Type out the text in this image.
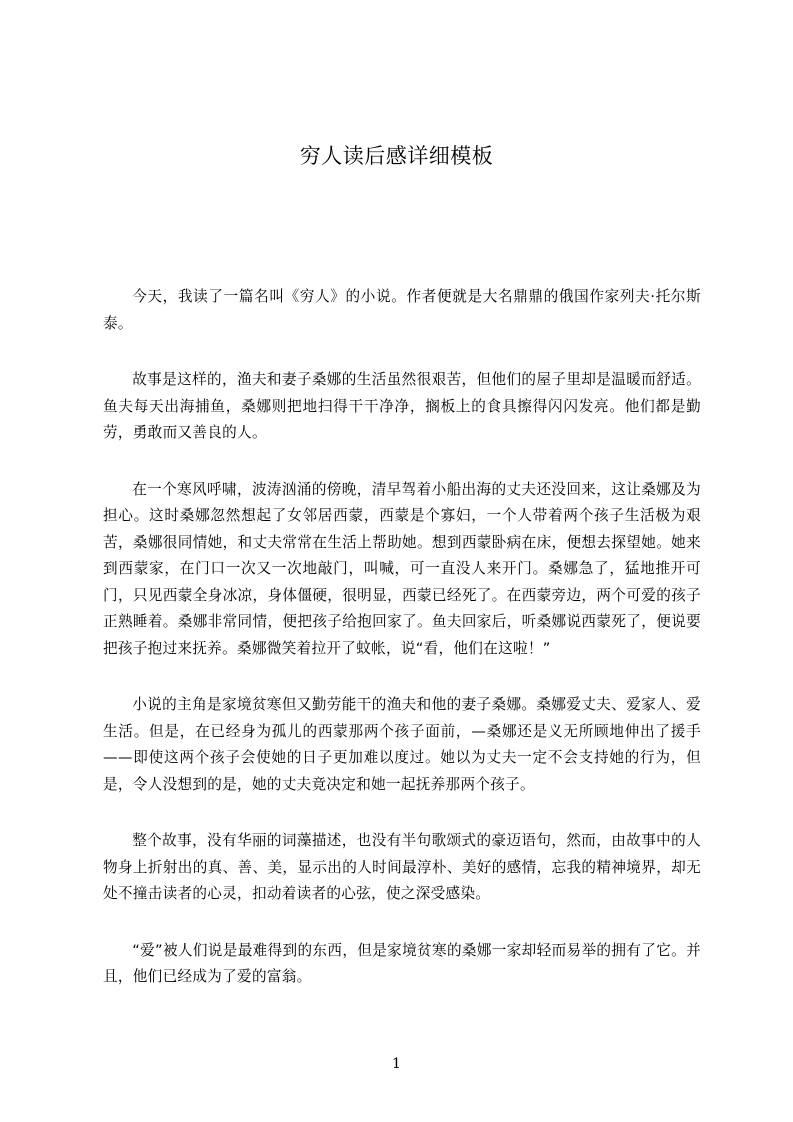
穷人读后感详细模板

今天，我读了一篇名叫《穷人》的小说。作者便就是大名鼎鼎的俄国作家列夫·托尔斯泰。

故事是这样的，渔夫和妻子桑娜的生活虽然很艰苦，但他们的屋子里却是温暖而舒适。鱼夫每天出海捕鱼，桑娜则把地扫得干干净净，搁板上的食具擦得闪闪发亮。他们都是勤劳，勇敢而又善良的人。

在一个寒风呼啸，波涛汹涌的傍晚，清早驾着小船出海的丈夫还没回来，这让桑娜及为担心。这时桑娜忽然想起了女邻居西蒙，西蒙是个寡妇，一个人带着两个孩子生活极为艰苦，桑娜很同情她，和丈夫常常在生活上帮助她。想到西蒙卧病在床，便想去探望她。她来到西蒙家，在门口一次又一次地敲门，叫喊，可一直没人来开门。桑娜急了，猛地推开可门，只见西蒙全身冰凉，身体僵硬，很明显，西蒙已经死了。在西蒙旁边，两个可爱的孩子正熟睡着。桑娜非常同情，便把孩子给抱回家了。鱼夫回家后，听桑娜说西蒙死了，便说要把孩子抱过来抚养。桑娜微笑着拉开了蚊帐，说“看，他们在这啦！”

小说的主角是家境贫寒但又勤劳能干的渔夫和他的妻子桑娜。桑娜爱丈夫、爱家人、爱生活。但是，在已经身为孤儿的西蒙那两个孩子面前，—桑娜还是义无所顾地伸出了援手——即使这两个孩子会使她的日子更加难以度过。她以为丈夫一定不会支持她的行为，但是，令人没想到的是，她的丈夫竟决定和她一起抚养那两个孩子。

整个故事，没有华丽的词藻描述，也没有半句歌颂式的豪迈语句，然而，由故事中的人物身上折射出的真、善、美，显示出的人时间最淳朴、美好的感情，忘我的精神境界，却无处不撞击读者的心灵，扣动着读者的心弦，使之深受感染。

“爱”被人们说是最难得到的东西，但是家境贫寒的桑娜一家却轻而易举的拥有了它。并且，他们已经成为了爱的富翁。

1
